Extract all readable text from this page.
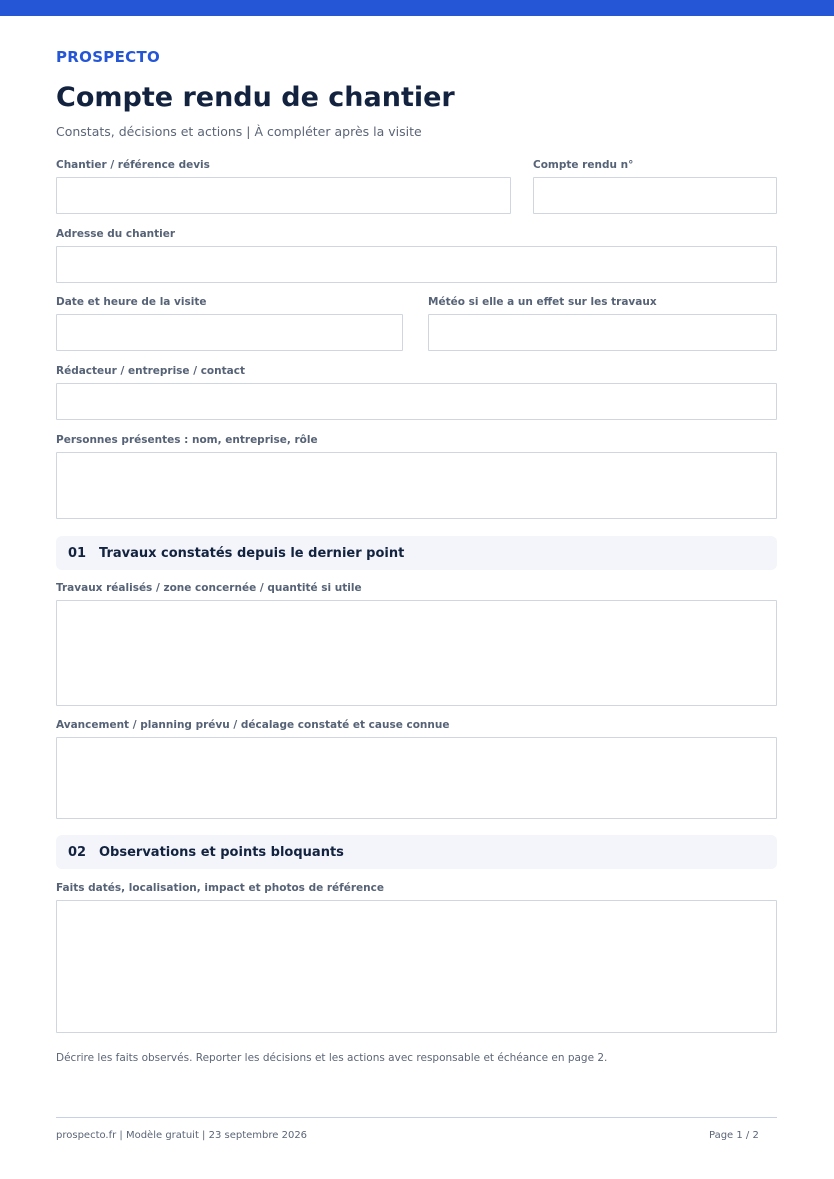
PROSPECTO
Compte rendu de chantier
Constats, décisions et actions | À compléter après la visite
Chantier / référence devis	Compte rendu n°
Adresse du chantier
Date et heure de la visite	Météo si elle a un effet sur les travaux
Rédacteur / entreprise / contact
Personnes présentes : nom, entreprise, rôle
01 Travaux constatés depuis le dernier point
Travaux réalisés / zone concernée / quantité si utile
Avancement / planning prévu / décalage constaté et cause connue
02 Observations et points bloquants
Faits datés, localisation, impact et photos de référence
Décrire les faits observés. Reporter les décisions et les actions avec responsable et échéance en page 2.
prospecto.fr | Modèle gratuit | 23 septembre 2026	Page 1 / 2
